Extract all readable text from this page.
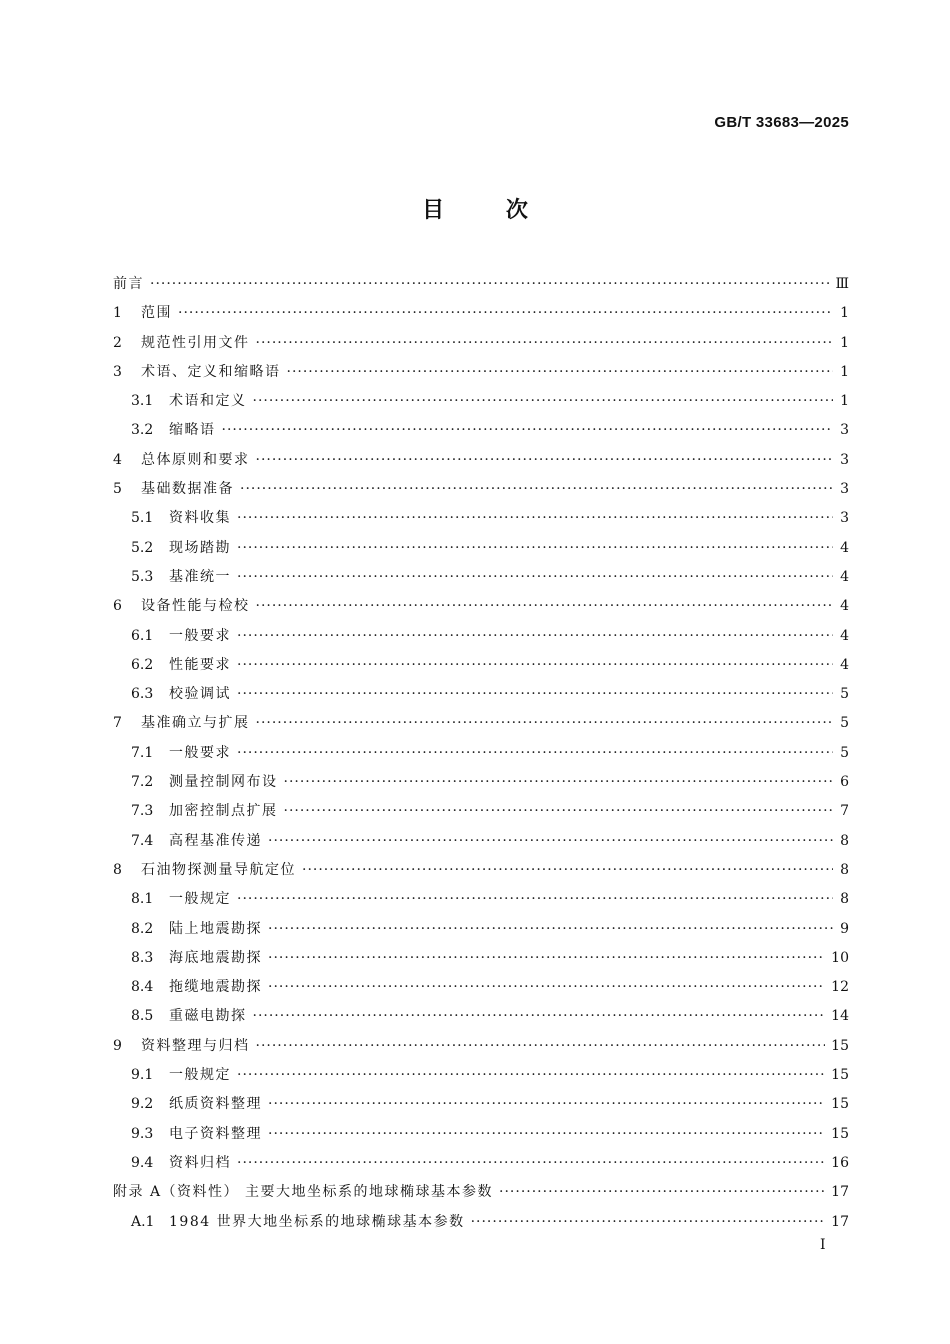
GB/T 33683—2025
目 次
前言 ·····	Ⅲ
1	范围 ·····	1
2	规范性引用文件 ·····	1
3	术语、定义和缩略语 ·····	1
3.1 术语和定义 ·····	1
3.2 缩略语 ·····	3
4	总体原则和要求 ·····	3
5	基础数据准备 ·····	3
5.1 资料收集 ·····	3
5.2 现场踏勘 ·····	4
5.3 基准统一 ·····	4
6	设备性能与检校 ·····	4
6.1 一般要求 ·····	4
6.2 性能要求 ·····	4
6.3 校验调试 ·····	5
7	基准确立与扩展 ·····	5
7.1 一般要求 ·····	5
7.2 测量控制网布设 ·····	6
7.3 加密控制点扩展 ·····	7
7.4 高程基准传递 ·····	8
8	石油物探测量导航定位 ·····	8
8.1 一般规定 ·····	8
8.2 陆上地震勘探 ·····	9
8.3 海底地震勘探 ·····	10
8.4 拖缆地震勘探 ·····	12
8.5 重磁电勘探 ·····	14
9	资料整理与归档 ·····	15
9.1 一般规定 ·····	15
9.2 纸质资料整理 ·····	15
9.3 电子资料整理 ·····	15
9.4 资料归档 ·····	16
附录 A（资料性） 主要大地坐标系的地球椭球基本参数 ·····	17
A.1 1984 世界大地坐标系的地球椭球基本参数 ·····	17
I
